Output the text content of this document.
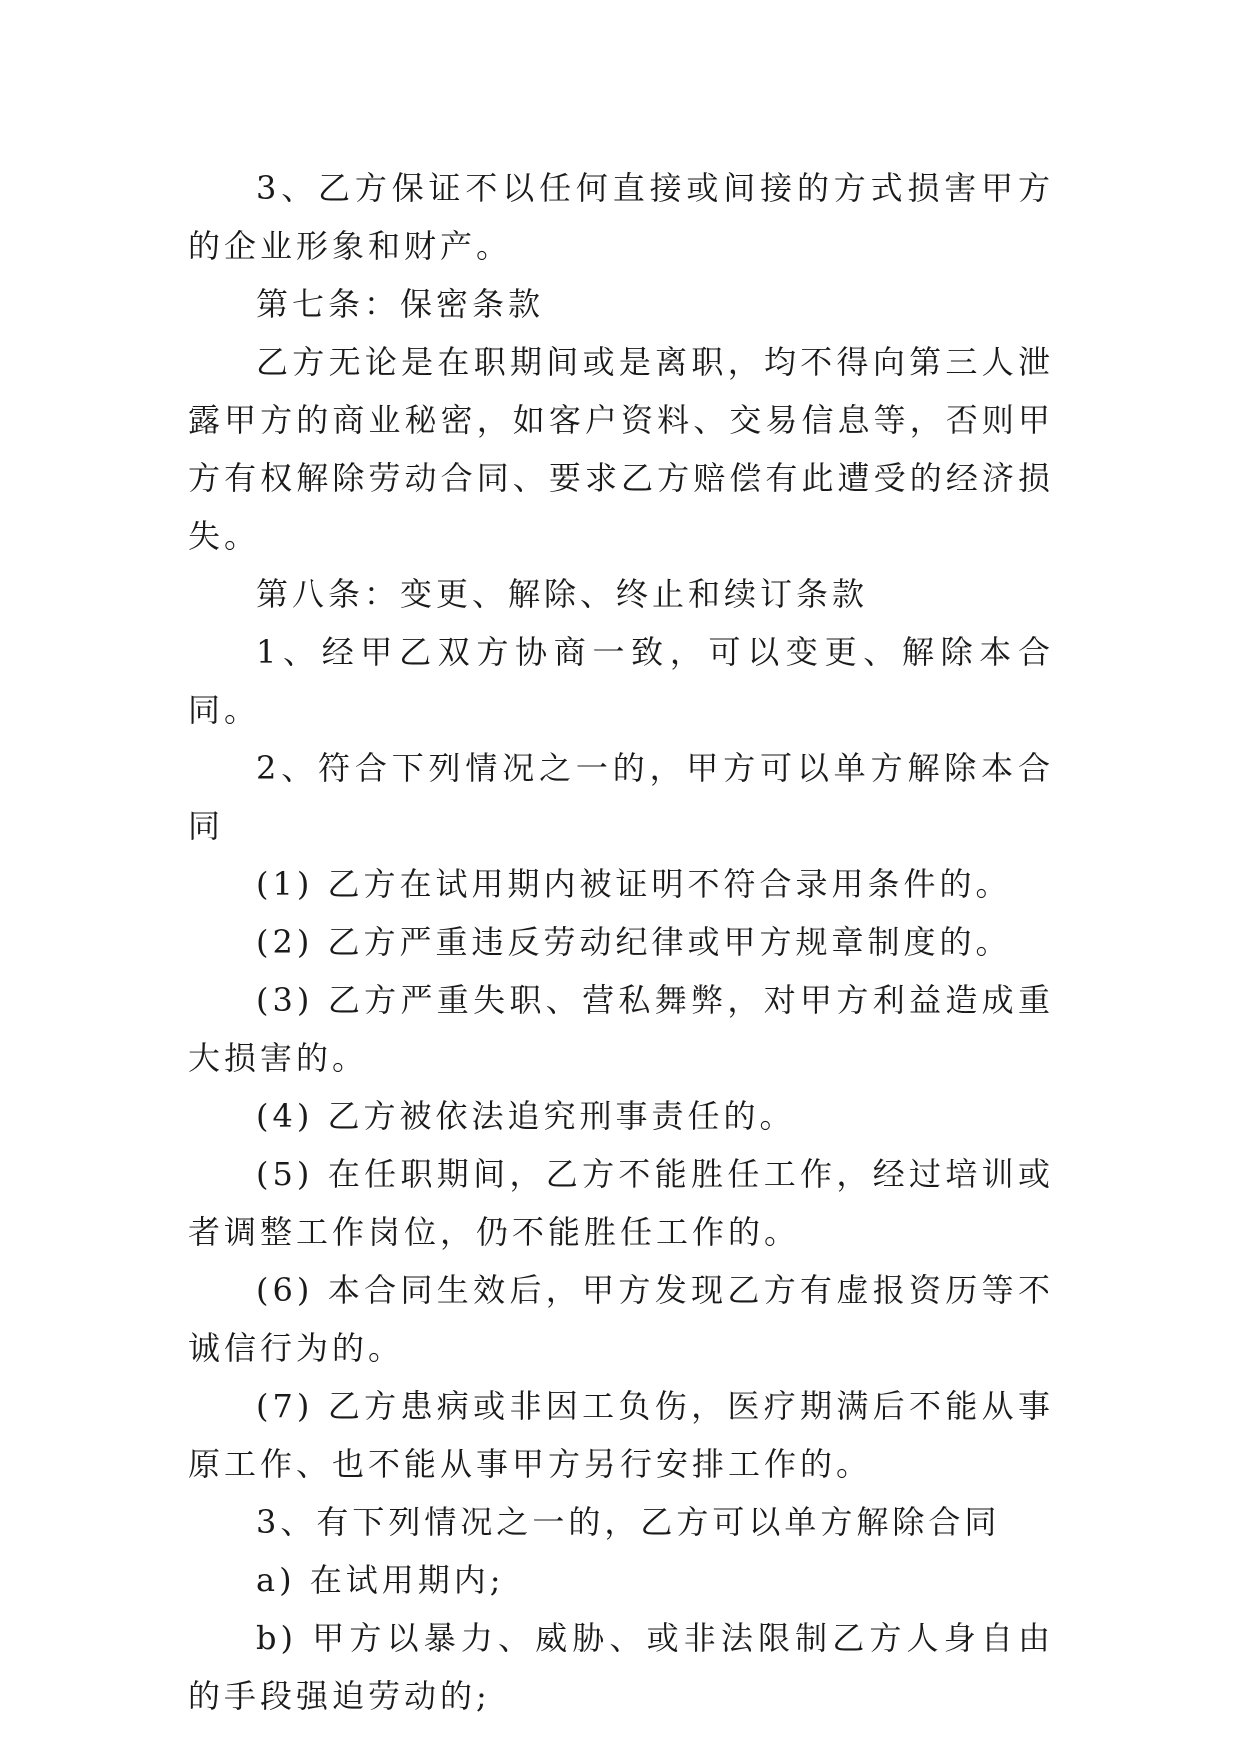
3、乙方保证不以任何直接或间接的方式损害甲方的企业形象和财产。

第七条：保密条款

乙方无论是在职期间或是离职，均不得向第三人泄露甲方的商业秘密，如客户资料、交易信息等，否则甲方有权解除劳动合同、要求乙方赔偿有此遭受的经济损失。

第八条：变更、解除、终止和续订条款

1、经甲乙双方协商一致，可以变更、解除本合同。

2、符合下列情况之一的，甲方可以单方解除本合同

(1) 乙方在试用期内被证明不符合录用条件的。

(2) 乙方严重违反劳动纪律或甲方规章制度的。

(3) 乙方严重失职、营私舞弊，对甲方利益造成重大损害的。

(4) 乙方被依法追究刑事责任的。

(5) 在任职期间，乙方不能胜任工作，经过培训或者调整工作岗位，仍不能胜任工作的。

(6) 本合同生效后，甲方发现乙方有虚报资历等不诚信行为的。

(7) 乙方患病或非因工负伤，医疗期满后不能从事原工作、也不能从事甲方另行安排工作的。

3、有下列情况之一的，乙方可以单方解除合同

a) 在试用期内;

b) 甲方以暴力、威胁、或非法限制乙方人身自由的手段强迫劳动的;
